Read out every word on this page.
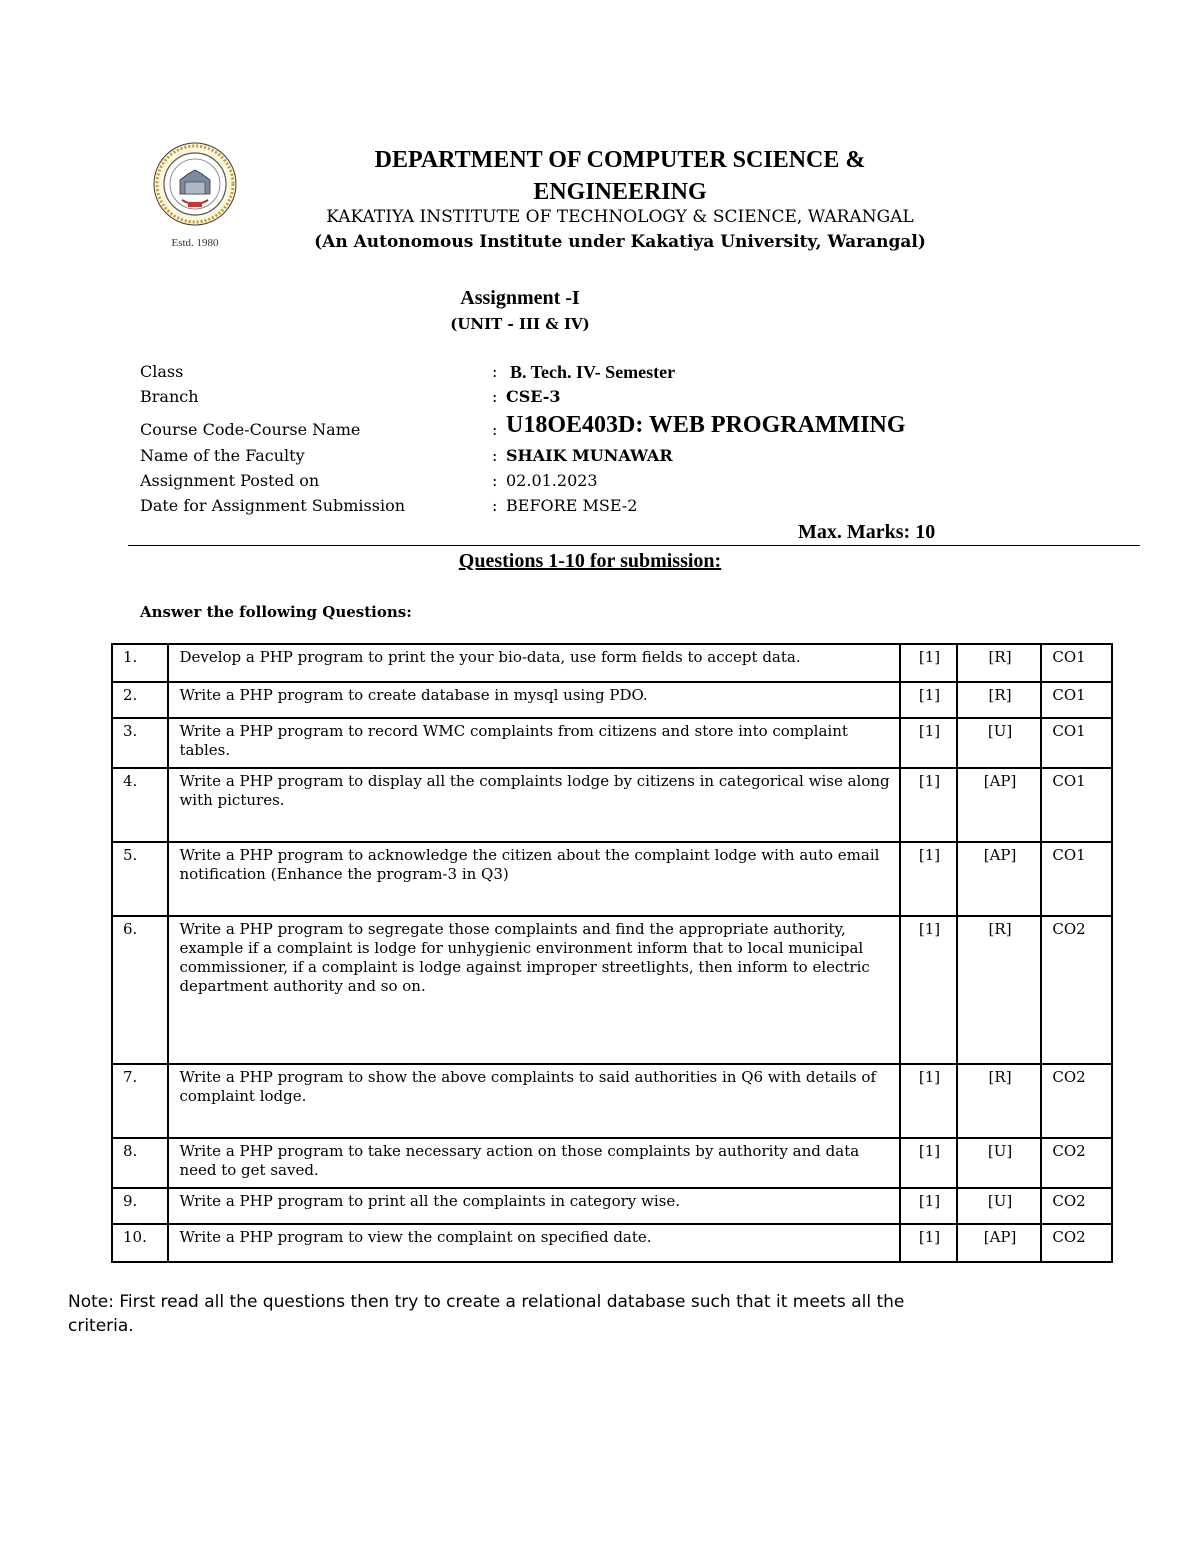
Estd. 1980
DEPARTMENT OF COMPUTER SCIENCE &
ENGINEERING
KAKATIYA INSTITUTE OF TECHNOLOGY & SCIENCE, WARANGAL
(An Autonomous Institute under Kakatiya University, Warangal)
Assignment -I
(UNIT - III & IV)
Class	: B. Tech. IV- Semester
Branch	: CSE-3
Course Code-Course Name	: U18OE403D: WEB PROGRAMMING
Name of the Faculty	: SHAIK MUNAWAR
Assignment Posted on	: 02.01.2023
Date for Assignment Submission	: BEFORE MSE-2
Max. Marks: 10
Questions 1-10 for submission:
Answer the following Questions:
1.	Develop a PHP program to print the your bio-data, use form fields to accept data.	[1]	[R]	CO1
2.	Write a PHP program to create database in mysql using PDO.	[1]	[R]	CO1
3.	Write a PHP program to record WMC complaints from citizens and store into complaint tables.	[1]	[U]	CO1
4.	Write a PHP program to display all the complaints lodge by citizens in categorical wise along with pictures.	[1]	[AP]	CO1
5.	Write a PHP program to acknowledge the citizen about the complaint lodge with auto email notification (Enhance the program-3 in Q3)	[1]	[AP]	CO1
6.	Write a PHP program to segregate those complaints and find the appropriate authority, example if a complaint is lodge for unhygienic environment inform that to local municipal commissioner, if a complaint is lodge against improper streetlights, then inform to electric department authority and so on.	[1]	[R]	CO2
7.	Write a PHP program to show the above complaints to said authorities in Q6 with details of complaint lodge.	[1]	[R]	CO2
8.	Write a PHP program to take necessary action on those complaints by authority and data need to get saved.	[1]	[U]	CO2
9.	Write a PHP program to print all the complaints in category wise.	[1]	[U]	CO2
10.	Write a PHP program to view the complaint on specified date.	[1]	[AP]	CO2
Note: First read all the questions then try to create a relational database such that it meets all the criteria.
